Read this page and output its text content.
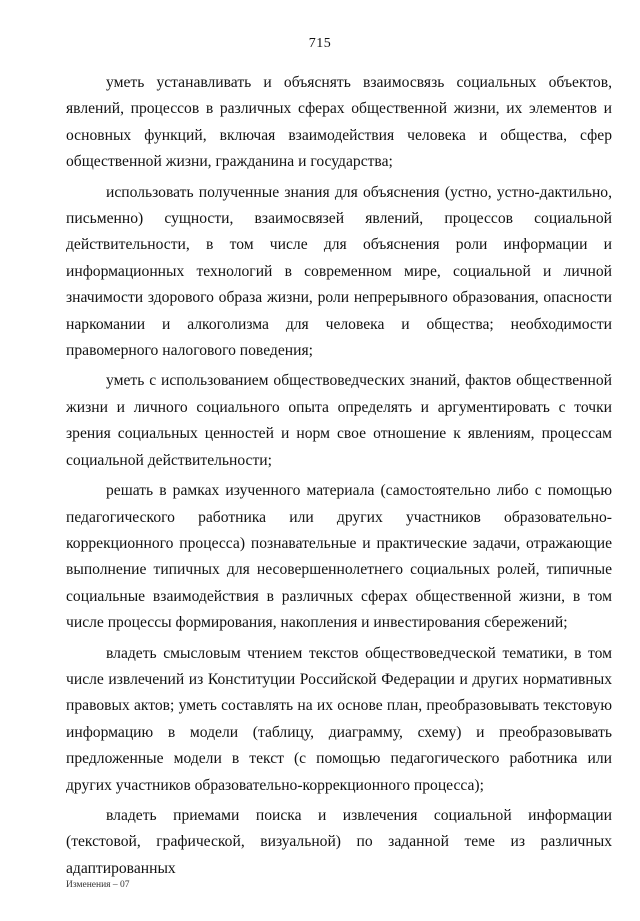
715

уметь устанавливать и объяснять взаимосвязь социальных объектов, явлений, процессов в различных сферах общественной жизни, их элементов и основных функций, включая взаимодействия человека и общества, сфер общественной жизни, гражданина и государства;

использовать полученные знания для объяснения (устно, устно-дактильно, письменно) сущности, взаимосвязей явлений, процессов социальной действительности, в том числе для объяснения роли информации и информационных технологий в современном мире, социальной и личной значимости здорового образа жизни, роли непрерывного образования, опасности наркомании и алкоголизма для человека и общества; необходимости правомерного налогового поведения;

уметь с использованием обществоведческих знаний, фактов общественной жизни и личного социального опыта определять и аргументировать с точки зрения социальных ценностей и норм свое отношение к явлениям, процессам социальной действительности;

решать в рамках изученного материала (самостоятельно либо с помощью педагогического работника или других участников образовательно-коррекционного процесса) познавательные и практические задачи, отражающие выполнение типичных для несовершеннолетнего социальных ролей, типичные социальные взаимодействия в различных сферах общественной жизни, в том числе процессы формирования, накопления и инвестирования сбережений;

владеть смысловым чтением текстов обществоведческой тематики, в том числе извлечений из Конституции Российской Федерации и других нормативных правовых актов; уметь составлять на их основе план, преобразовывать текстовую информацию в модели (таблицу, диаграмму, схему) и преобразовывать предложенные модели в текст (с помощью педагогического работника или других участников образовательно-коррекционного процесса);

владеть приемами поиска и извлечения социальной информации (текстовой, графической, визуальной) по заданной теме из различных адаптированных

Изменения – 07
